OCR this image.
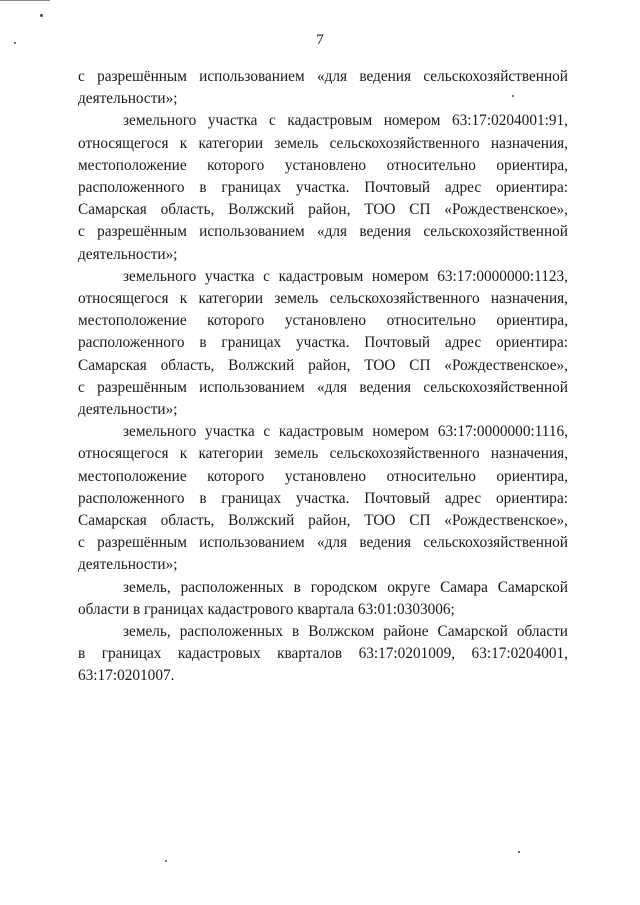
7
с разрешённым использованием «для ведения сельскохозяйственной
деятельности»;
земельного участка с кадастровым номером 63:17:0204001:91,
относящегося к категории земель сельскохозяйственного назначения,
местоположение которого установлено относительно ориентира,
расположенного в границах участка. Почтовый адрес ориентира:
Самарская область, Волжский район, ТОО СП «Рождественское»,
с разрешённым использованием «для ведения сельскохозяйственной
деятельности»;
земельного участка с кадастровым номером 63:17:0000000:1123,
относящегося к категории земель сельскохозяйственного назначения,
местоположение которого установлено относительно ориентира,
расположенного в границах участка. Почтовый адрес ориентира:
Самарская область, Волжский район, ТОО СП «Рождественское»,
с разрешённым использованием «для ведения сельскохозяйственной
деятельности»;
земельного участка с кадастровым номером 63:17:0000000:1116,
относящегося к категории земель сельскохозяйственного назначения,
местоположение которого установлено относительно ориентира,
расположенного в границах участка. Почтовый адрес ориентира:
Самарская область, Волжский район, ТОО СП «Рождественское»,
с разрешённым использованием «для ведения сельскохозяйственной
деятельности»;
земель, расположенных в городском округе Самара Самарской
области в границах кадастрового квартала 63:01:0303006;
земель, расположенных в Волжском районе Самарской области
в границах кадастровых кварталов 63:17:0201009, 63:17:0204001,
63:17:0201007.
